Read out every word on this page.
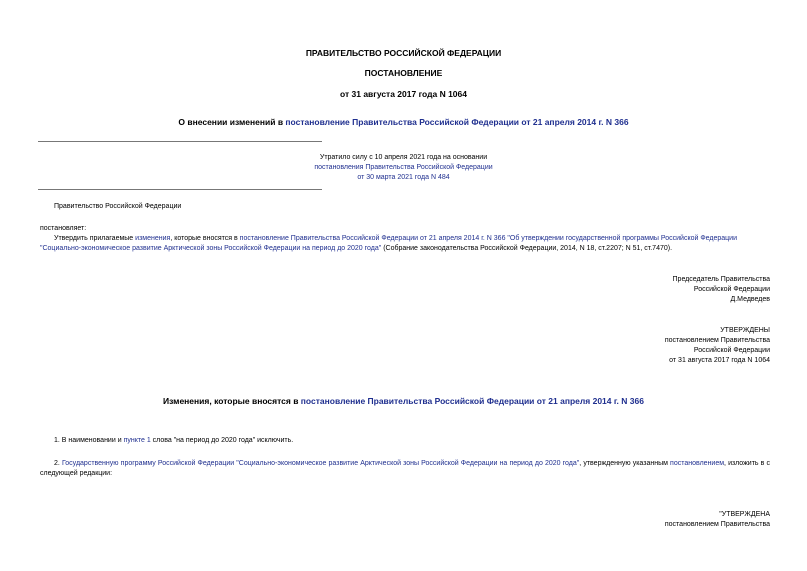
ПРАВИТЕЛЬСТВО РОССИЙСКОЙ ФЕДЕРАЦИИ
ПОСТАНОВЛЕНИЕ
от 31 августа 2017 года N 1064
О внесении изменений в постановление Правительства Российской Федерации от 21 апреля 2014 г. N 366
Утратило силу с 10 апреля 2021 года на основании
постановления Правительства Российской Федерации
от 30 марта 2021 года N 484
Правительство Российской Федерации
постановляет:
Утвердить прилагаемые изменения, которые вносятся в постановление Правительства Российской Федерации от 21 апреля 2014 г. N 366 "Об утверждении государственной программы Российской Федерации "Социально-экономическое развитие Арктической зоны Российской Федерации на период до 2020 года" (Собрание законодательства Российской Федерации, 2014, N 18, ст.2207; N 51, ст.7470).
Председатель Правительства
Российской Федерации
Д.Медведев
УТВЕРЖДЕНЫ
постановлением Правительства
Российской Федерации
от 31 августа 2017 года N 1064
Изменения, которые вносятся в постановление Правительства Российской Федерации от 21 апреля 2014 г. N 366
1. В наименовании и пункте 1 слова "на период до 2020 года" исключить.
2. Государственную программу Российской Федерации "Социально-экономическое развитие Арктической зоны Российской Федерации на период до 2020 года", утвержденную указанным постановлением, изложить в с следующей редакции:
"УТВЕРЖДЕНА
постановлением Правительства
